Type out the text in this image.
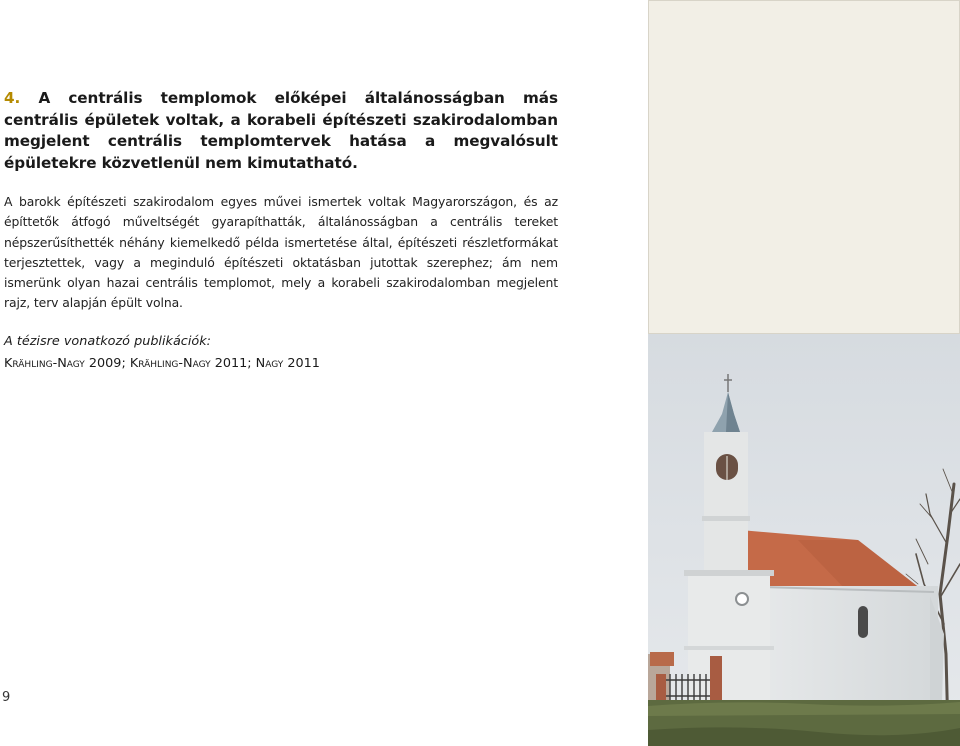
4. A centrális templomok előképei általánosságban más centrális épületek voltak, a korabeli építészeti szakirodalomban megjelent centrális templomtervek hatása a megvalósult épületekre közvetlenül nem kimutatható.

A barokk építészeti szakirodalom egyes művei ismertek voltak Magyarországon, és az építtetők átfogó műveltségét gyarapíthatták, általánosságban a centrális tereket népszerűsíthették néhány kiemelkedő példa ismertetése által, építészeti részletformákat terjesztettek, vagy a meginduló építészeti oktatásban jutottak szerephez; ám nem ismerünk olyan hazai centrális templomot, mely a korabeli szakirodalomban megjelent rajz, terv alapján épült volna.

A tézisre vonatkozó publikációk:

Krähling-Nagy 2009; Krähling-Nagy 2011; Nagy 2011

9
